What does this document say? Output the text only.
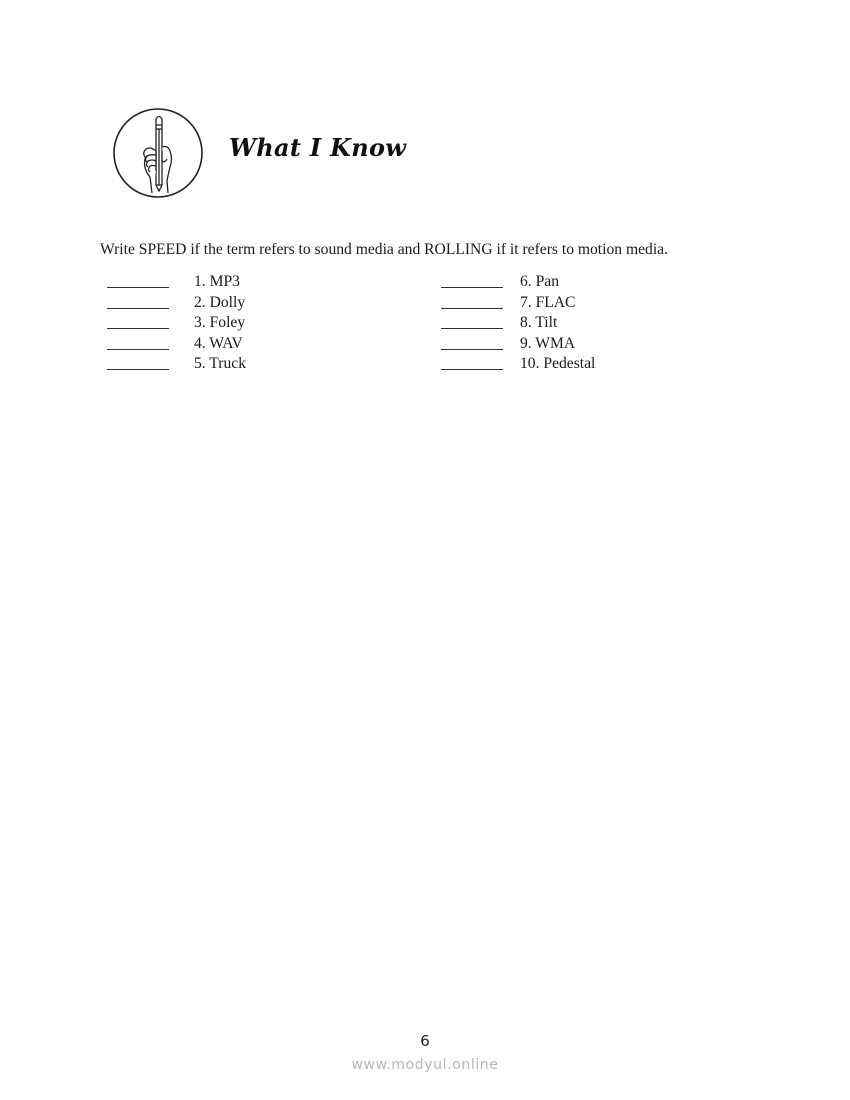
What I Know
Write SPEED if the term refers to sound media and ROLLING if it refers to motion media.
1. MP3
2. Dolly
3. Foley
4. WAV
5. Truck
6. Pan
7. FLAC
8. Tilt
9. WMA
10. Pedestal
6
www.modyul.online
